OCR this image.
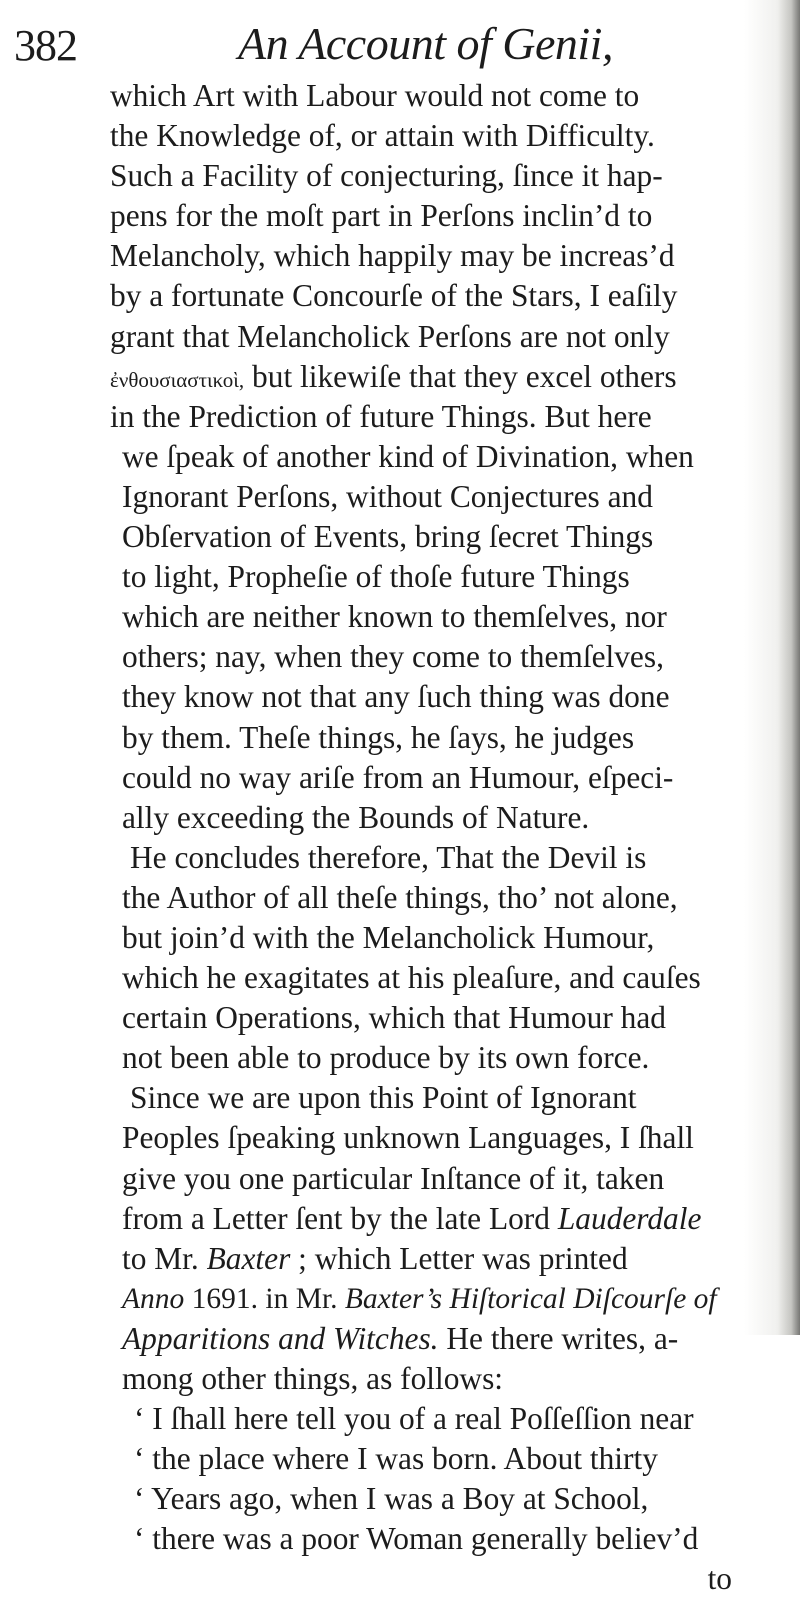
382	An Account of Genii,
which Art with Labour would not come to
the Knowledge of, or attain with Difficulty.
Such a Facility of conjecturing, ſince it hap-
pens for the moſt part in Perſons inclin’d to
Melancholy, which happily may be increas’d
by a fortunate Concourſe of the Stars, I eaſily
grant that Melancholick Perſons are not only
ἐνθουσιαστικοὶ, but likewiſe that they excel others
in the Prediction of future Things. But here
we ſpeak of another kind of Divination, when
Ignorant Perſons, without Conjectures and
Obſervation of Events, bring ſecret Things
to light, Propheſie of thoſe future Things
which are neither known to themſelves, nor
others; nay, when they come to themſelves,
they know not that any ſuch thing was done
by them. Theſe things, he ſays, he judges
could no way ariſe from an Humour, eſpeci-
ally exceeding the Bounds of Nature.
He concludes therefore, That the Devil is
the Author of all theſe things, tho’ not alone,
but join’d with the Melancholick Humour,
which he exagitates at his pleaſure, and cauſes
certain Operations, which that Humour had
not been able to produce by its own force.
Since we are upon this Point of Ignorant
Peoples ſpeaking unknown Languages, I ſhall
give you one particular Inſtance of it, taken
from a Letter ſent by the late Lord Lauderdale
to Mr. Baxter ; which Letter was printed
Anno 1691. in Mr. Baxter’s Hiſtorical Diſcourſe of
Apparitions and Witches. He there writes, a-
mong other things, as follows:
‘ I ſhall here tell you of a real Poſſeſſion near
‘ the place where I was born. About thirty
‘ Years ago, when I was a Boy at School,
‘ there was a poor Woman generally believ’d
to
